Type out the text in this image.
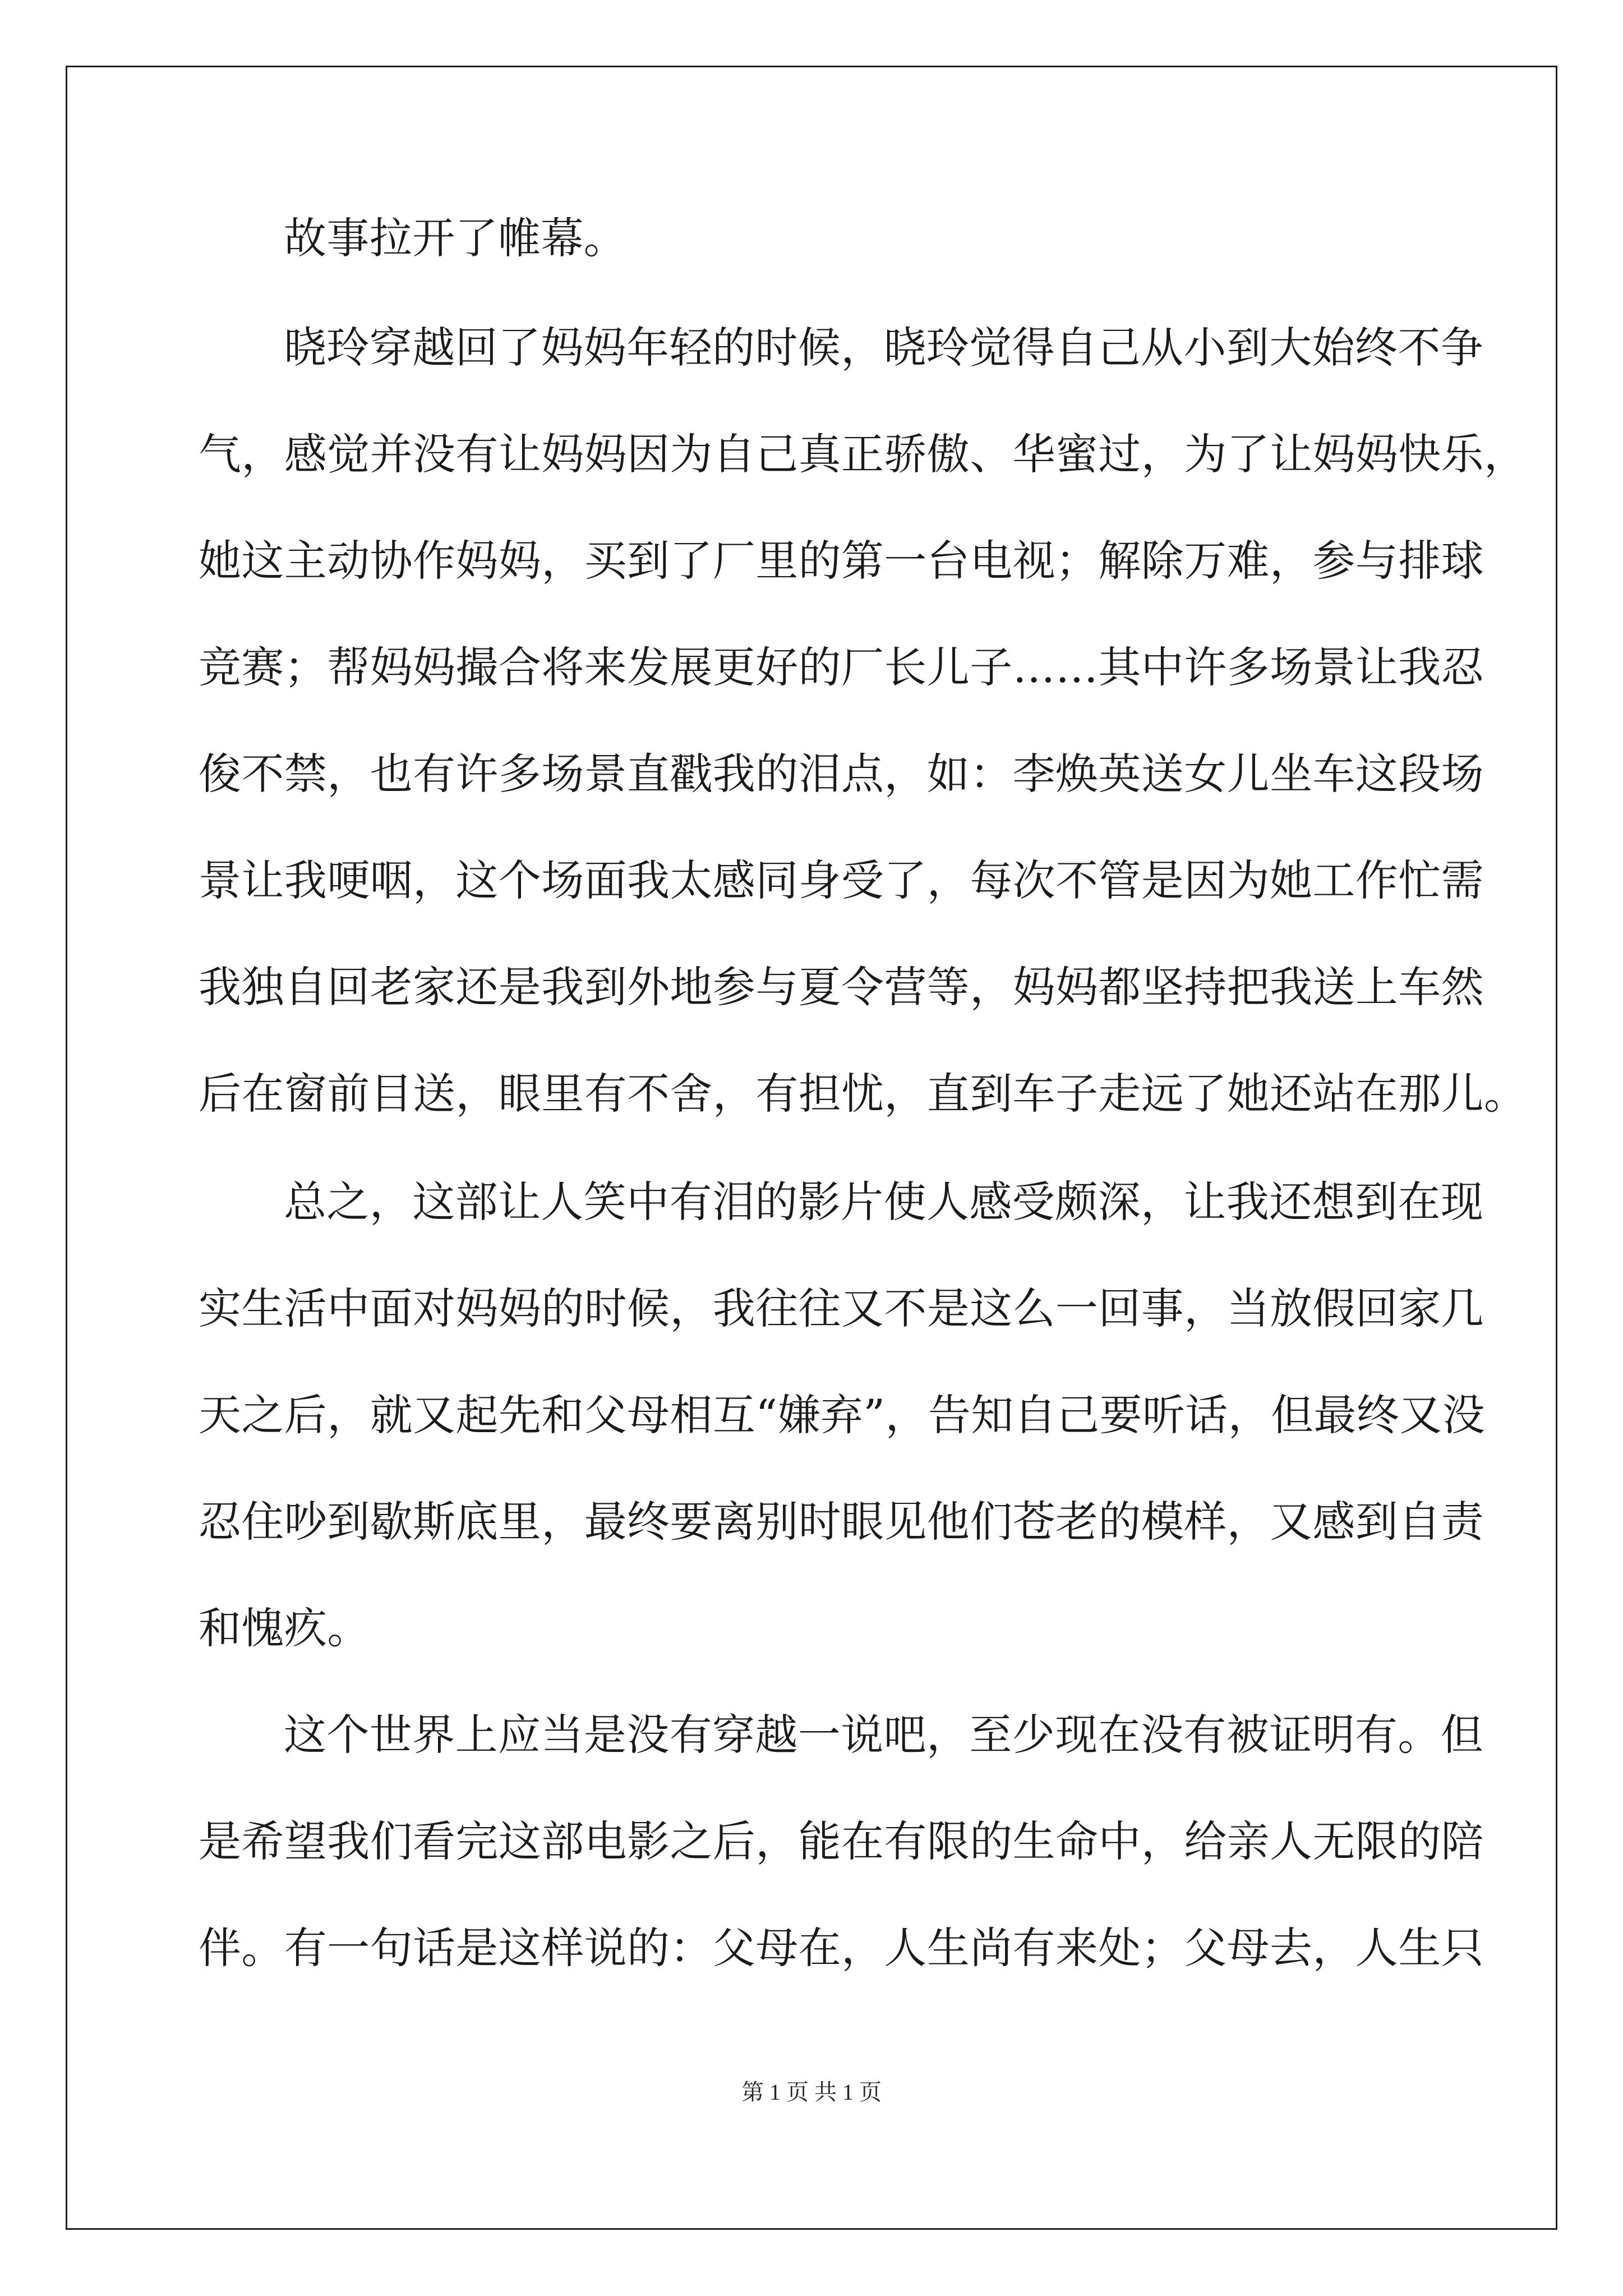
故事拉开了帷幕。
晓玲穿越回了妈妈年轻的时候，晓玲觉得自己从小到大始终不争
气，感觉并没有让妈妈因为自己真正骄傲、华蜜过，为了让妈妈快乐，
她这主动协作妈妈，买到了厂里的第一台电视；解除万难，参与排球
竞赛；帮妈妈撮合将来发展更好的厂长儿子……其中许多场景让我忍
俊不禁，也有许多场景直戳我的泪点，如：李焕英送女儿坐车这段场
景让我哽咽，这个场面我太感同身受了，每次不管是因为她工作忙需
我独自回老家还是我到外地参与夏令营等，妈妈都坚持把我送上车然
后在窗前目送，眼里有不舍，有担忧，直到车子走远了她还站在那儿。
总之，这部让人笑中有泪的影片使人感受颇深，让我还想到在现
实生活中面对妈妈的时候，我往往又不是这么一回事，当放假回家几
天之后，就又起先和父母相互“嫌弃”，告知自己要听话，但最终又没
忍住吵到歇斯底里，最终要离别时眼见他们苍老的模样，又感到自责
和愧疚。
这个世界上应当是没有穿越一说吧，至少现在没有被证明有。但
是希望我们看完这部电影之后，能在有限的生命中，给亲人无限的陪
伴。有一句话是这样说的：父母在，人生尚有来处；父母去，人生只
第 1 页 共 1 页
